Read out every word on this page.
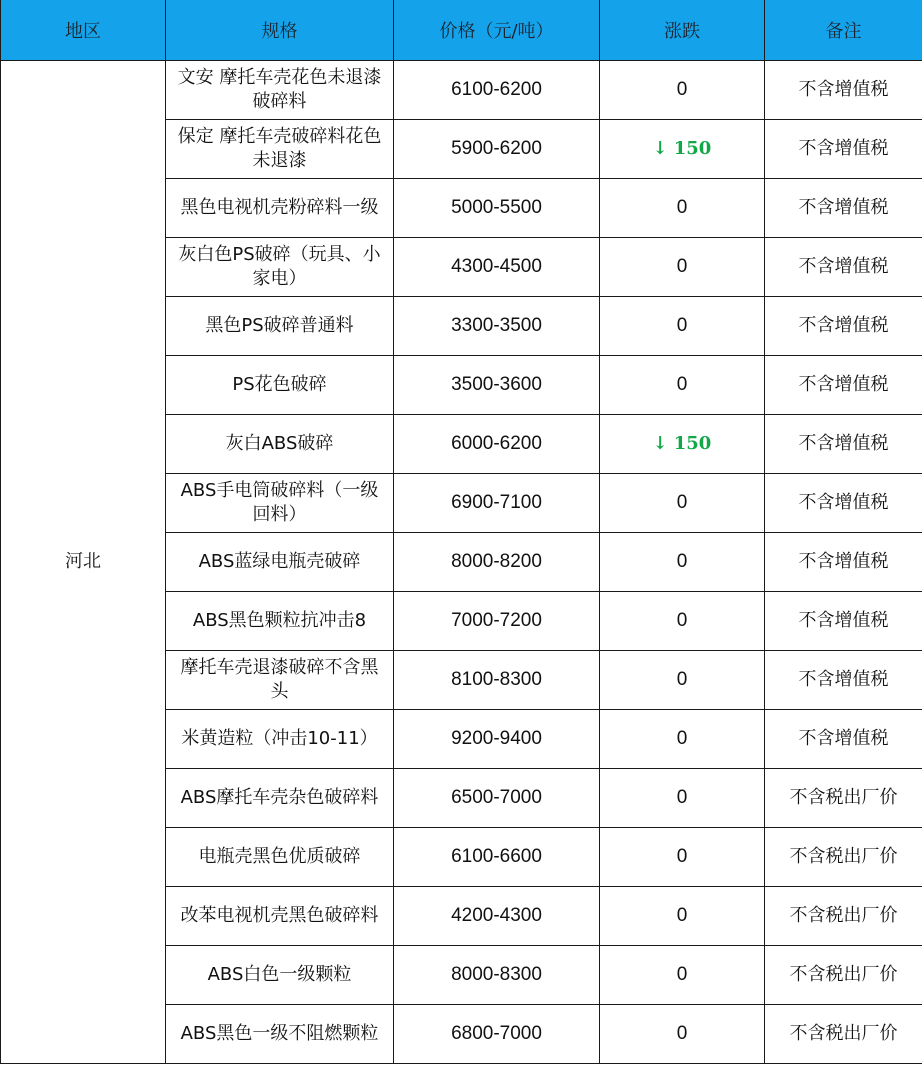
地区	规格	价格（元/吨）	涨跌	备注
河北	文安 摩托车壳花色未退漆破碎料	6100-6200	0	不含增值税
	保定 摩托车壳破碎料花色未退漆	5900-6200	↓ 150	不含增值税
	黑色电视机壳粉碎料一级	5000-5500	0	不含增值税
	灰白色PS破碎（玩具、小家电）	4300-4500	0	不含增值税
	黑色PS破碎普通料	3300-3500	0	不含增值税
	PS花色破碎	3500-3600	0	不含增值税
	灰白ABS破碎	6000-6200	↓ 150	不含增值税
	ABS手电筒破碎料（一级回料）	6900-7100	0	不含增值税
	ABS蓝绿电瓶壳破碎	8000-8200	0	不含增值税
	ABS黑色颗粒抗冲击8	7000-7200	0	不含增值税
	摩托车壳退漆破碎不含黑头	8100-8300	0	不含增值税
	米黄造粒（冲击10-11）	9200-9400	0	不含增值税
	ABS摩托车壳杂色破碎料	6500-7000	0	不含税出厂价
	电瓶壳黑色优质破碎	6100-6600	0	不含税出厂价
	改苯电视机壳黑色破碎料	4200-4300	0	不含税出厂价
	ABS白色一级颗粒	8000-8300	0	不含税出厂价
	ABS黑色一级不阻燃颗粒	6800-7000	0	不含税出厂价
